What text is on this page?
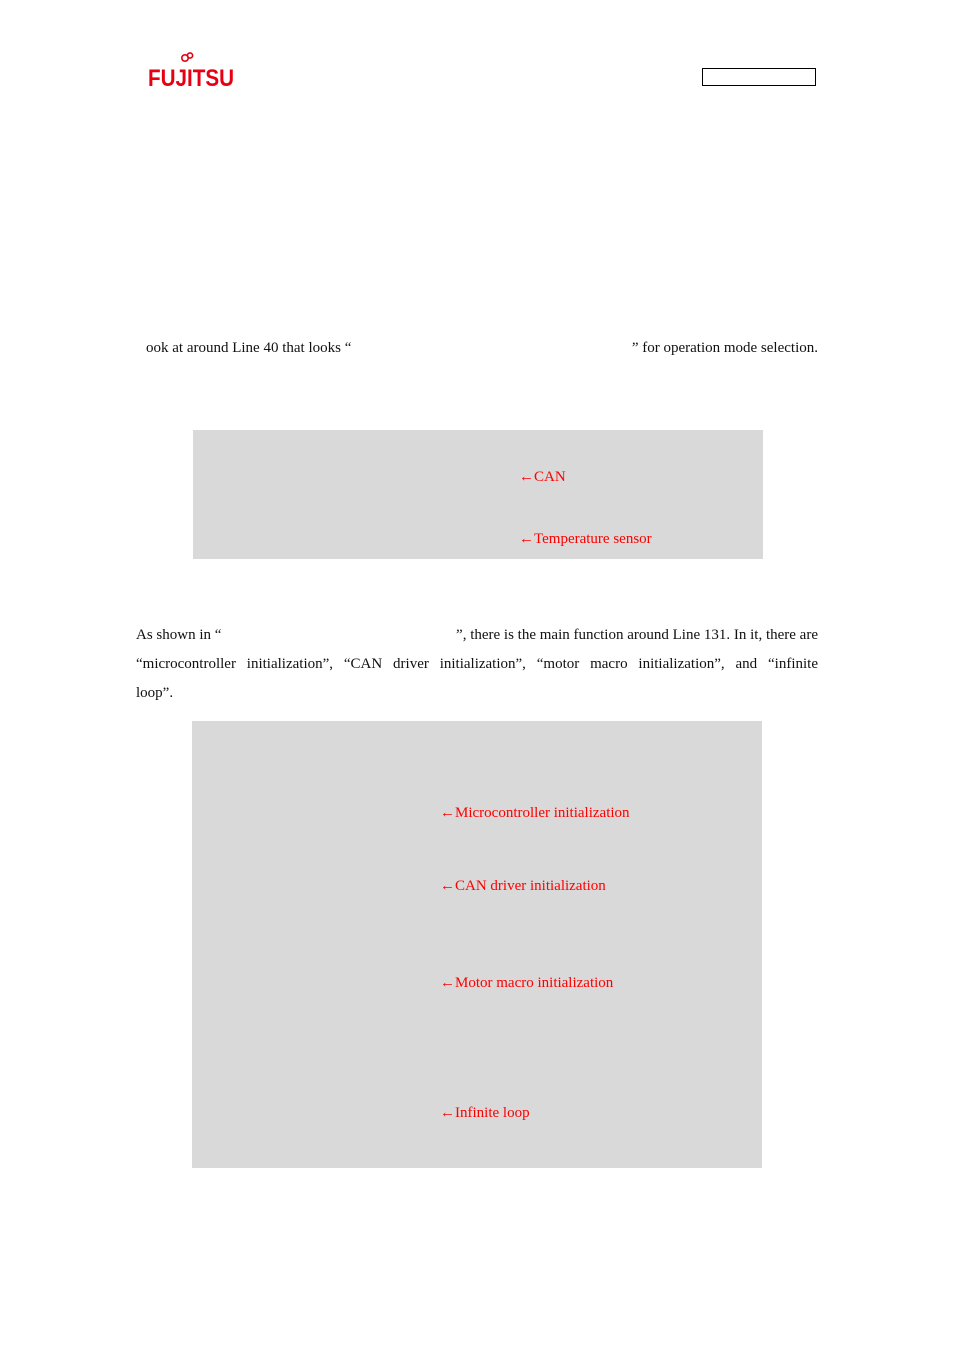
FUJITSU
ook at around Line 40 that looks “	” for operation mode selection.
←CAN
←Temperature sensor
As shown in “	”, there is the main function around Line 131. In it, there are
“microcontroller initialization”, “CAN driver initialization”, “motor macro initialization”, and “infinite
loop”.
←Microcontroller initialization
←CAN driver initialization
←Motor macro initialization
←Infinite loop
